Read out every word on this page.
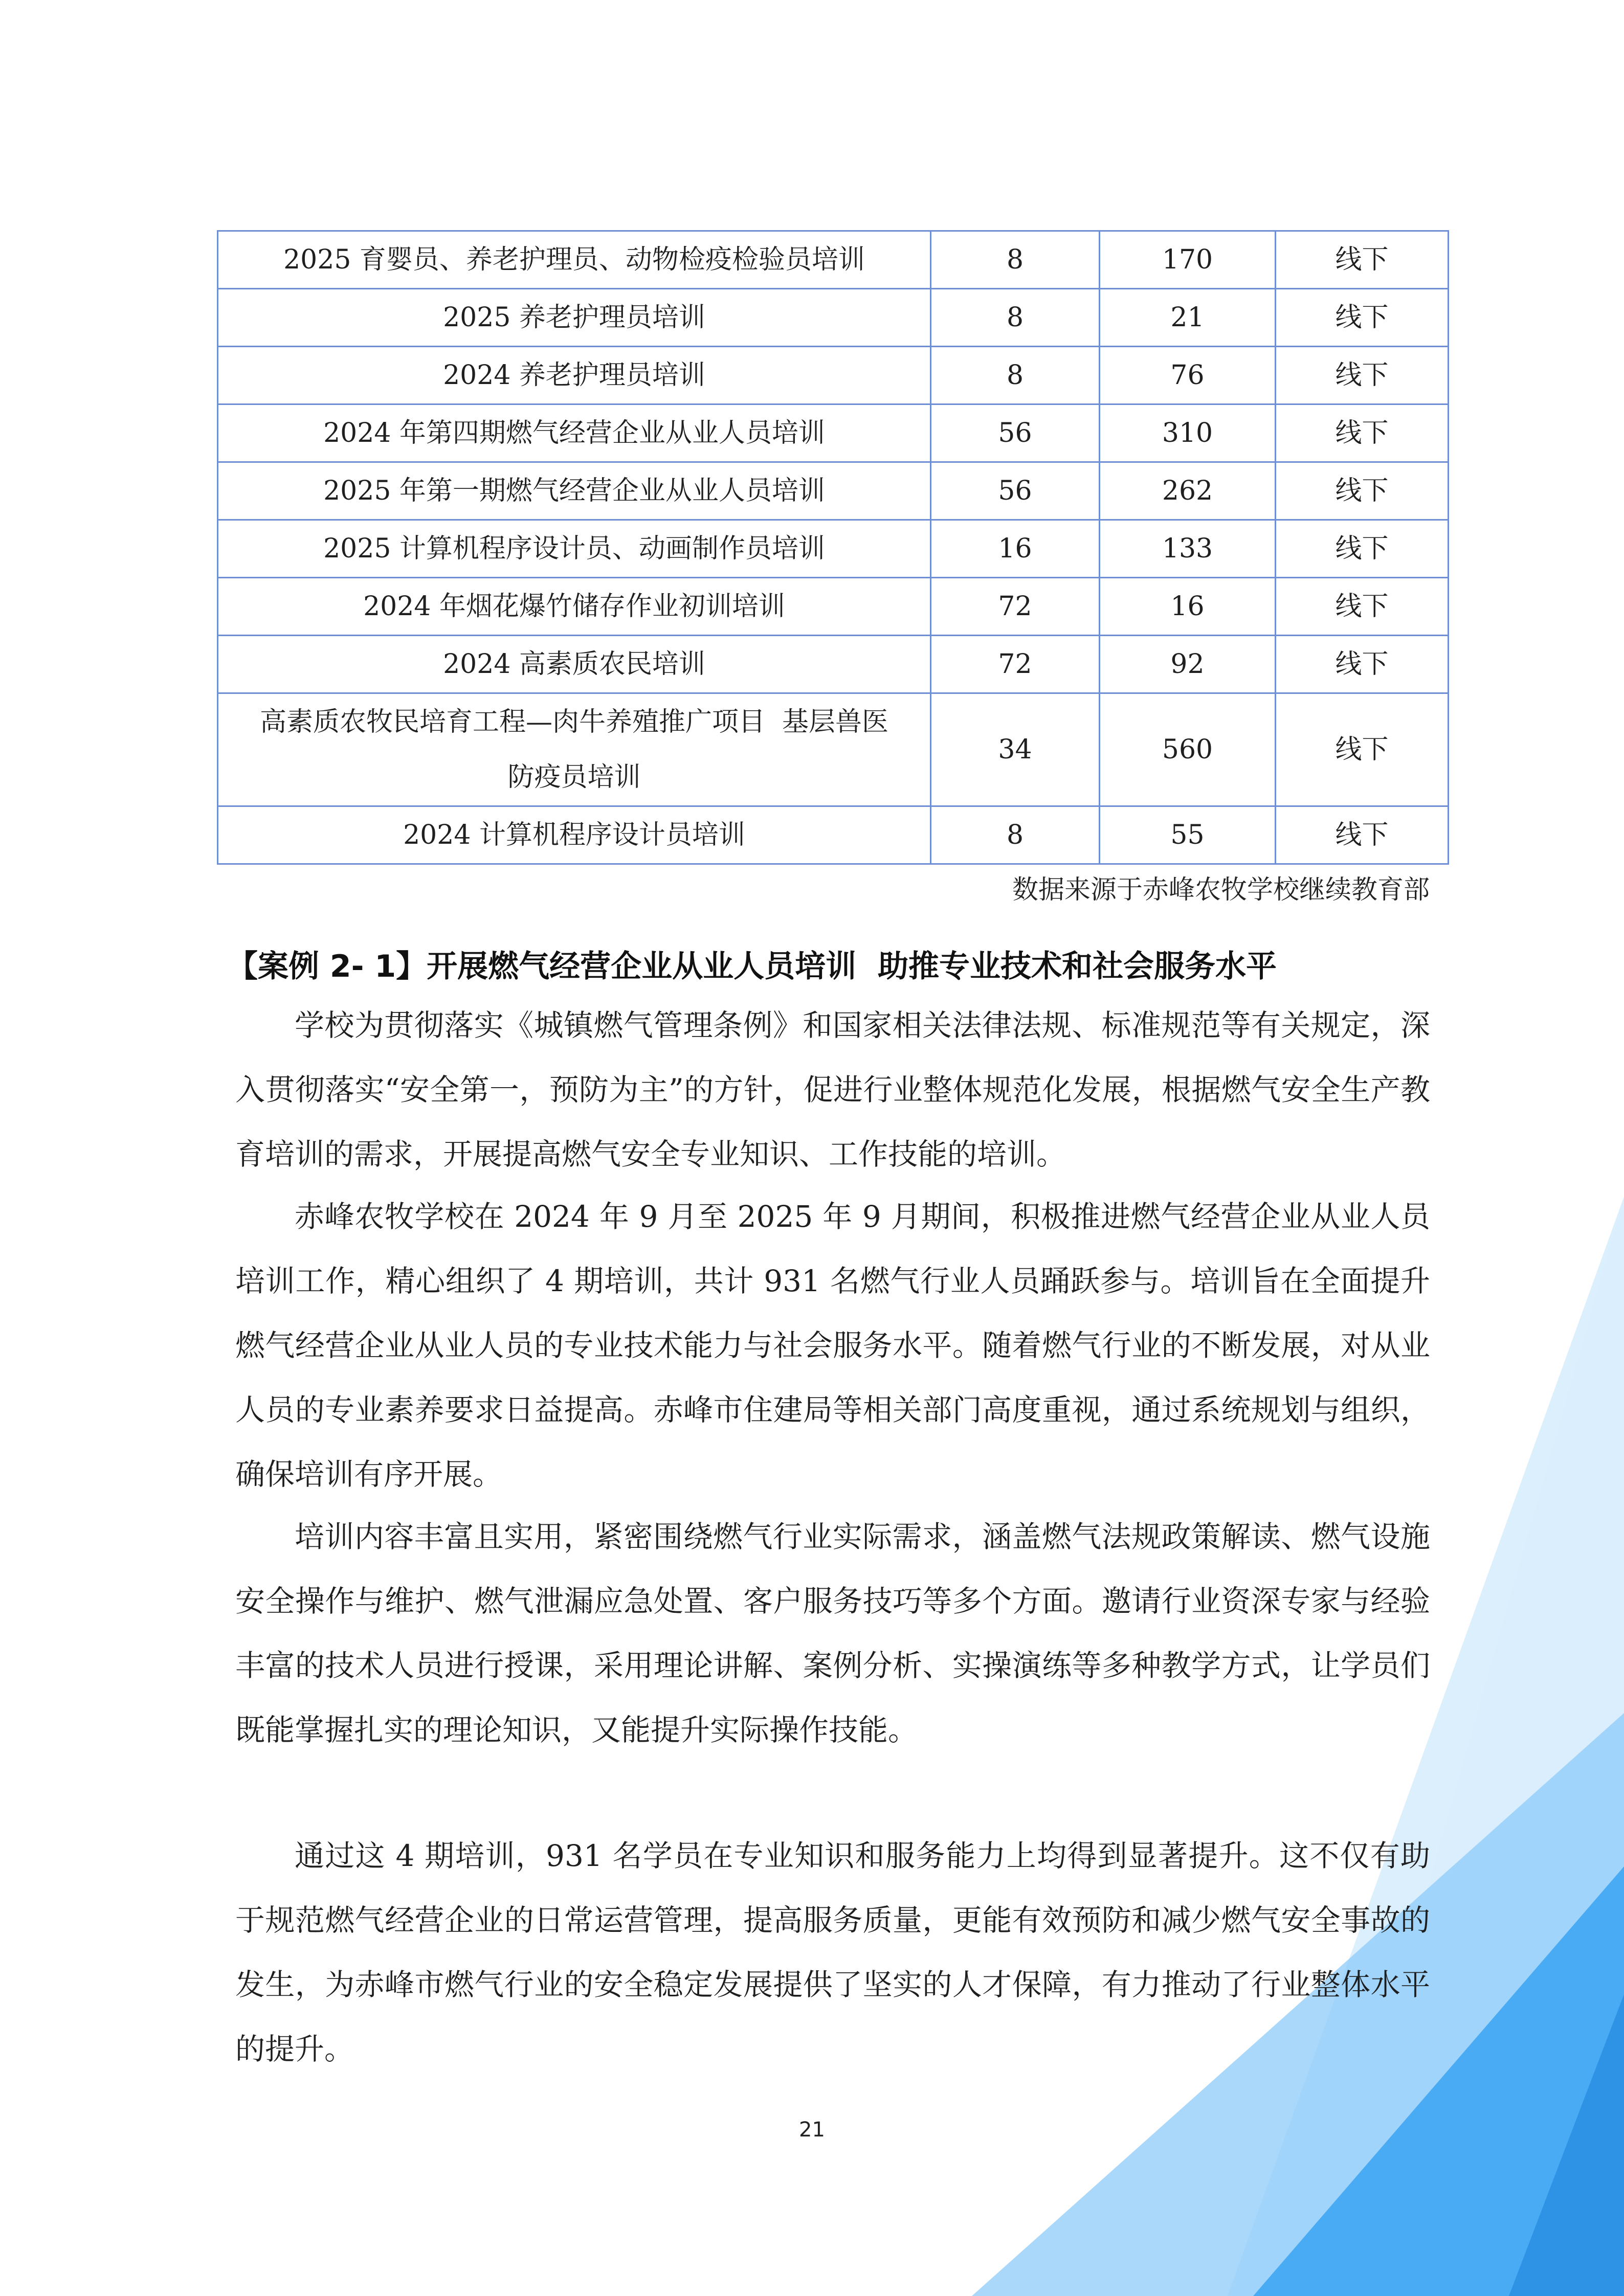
2025 育婴员、养老护理员、动物检疫检验员培训	8	170	线下
2025 养老护理员培训	8	21	线下
2024 养老护理员培训	8	76	线下
2024 年第四期燃气经营企业从业人员培训	56	310	线下
2025 年第一期燃气经营企业从业人员培训	56	262	线下
2025 计算机程序设计员、动画制作员培训	16	133	线下
2024 年烟花爆竹储存作业初训培训	72	16	线下
2024 高素质农民培训	72	92	线下

高素质农牧民培育工程—肉牛养殖推广项目  基层兽医
防疫员培训	34	560	线下
2024 计算机程序设计员培训	8	55	线下
数据来源于赤峰农牧学校继续教育部
【案例 2- 1】开展燃气经营企业从业人员培训  助推专业技术和社会服务水平

学校为贯彻落实《城镇燃气管理条例》和国家相关法律法规、标准规范等有关规定，深入贯彻落实“安全第一，预防为主”的方针，促进行业整体规范化发展，根据燃气安全生产教育培训的需求，开展提高燃气安全专业知识、工作技能的培训。

赤峰农牧学校在 2024 年 9 月至 2025 年 9 月期间，积极推进燃气经营企业从业人员培训工作，精心组织了 4 期培训，共计 931 名燃气行业人员踊跃参与。培训旨在全面提升燃气经营企业从业人员的专业技术能力与社会服务水平。随着燃气行业的不断发展，对从业人员的专业素养要求日益提高。赤峰市住建局等相关部门高度重视，通过系统规划与组织，确保培训有序开展。

培训内容丰富且实用，紧密围绕燃气行业实际需求，涵盖燃气法规政策解读、燃气设施安全操作与维护、燃气泄漏应急处置、客户服务技巧等多个方面。邀请行业资深专家与经验丰富的技术人员进行授课，采用理论讲解、案例分析、实操演练等多种教学方式，让学员们既能掌握扎实的理论知识，又能提升实际操作技能。

通过这 4 期培训，931 名学员在专业知识和服务能力上均得到显著提升。这不仅有助于规范燃气经营企业的日常运营管理，提高服务质量，更能有效预防和减少燃气安全事故的发生，为赤峰市燃气行业的安全稳定发展提供了坚实的人才保障，有力推动了行业整体水平的提升。

21
